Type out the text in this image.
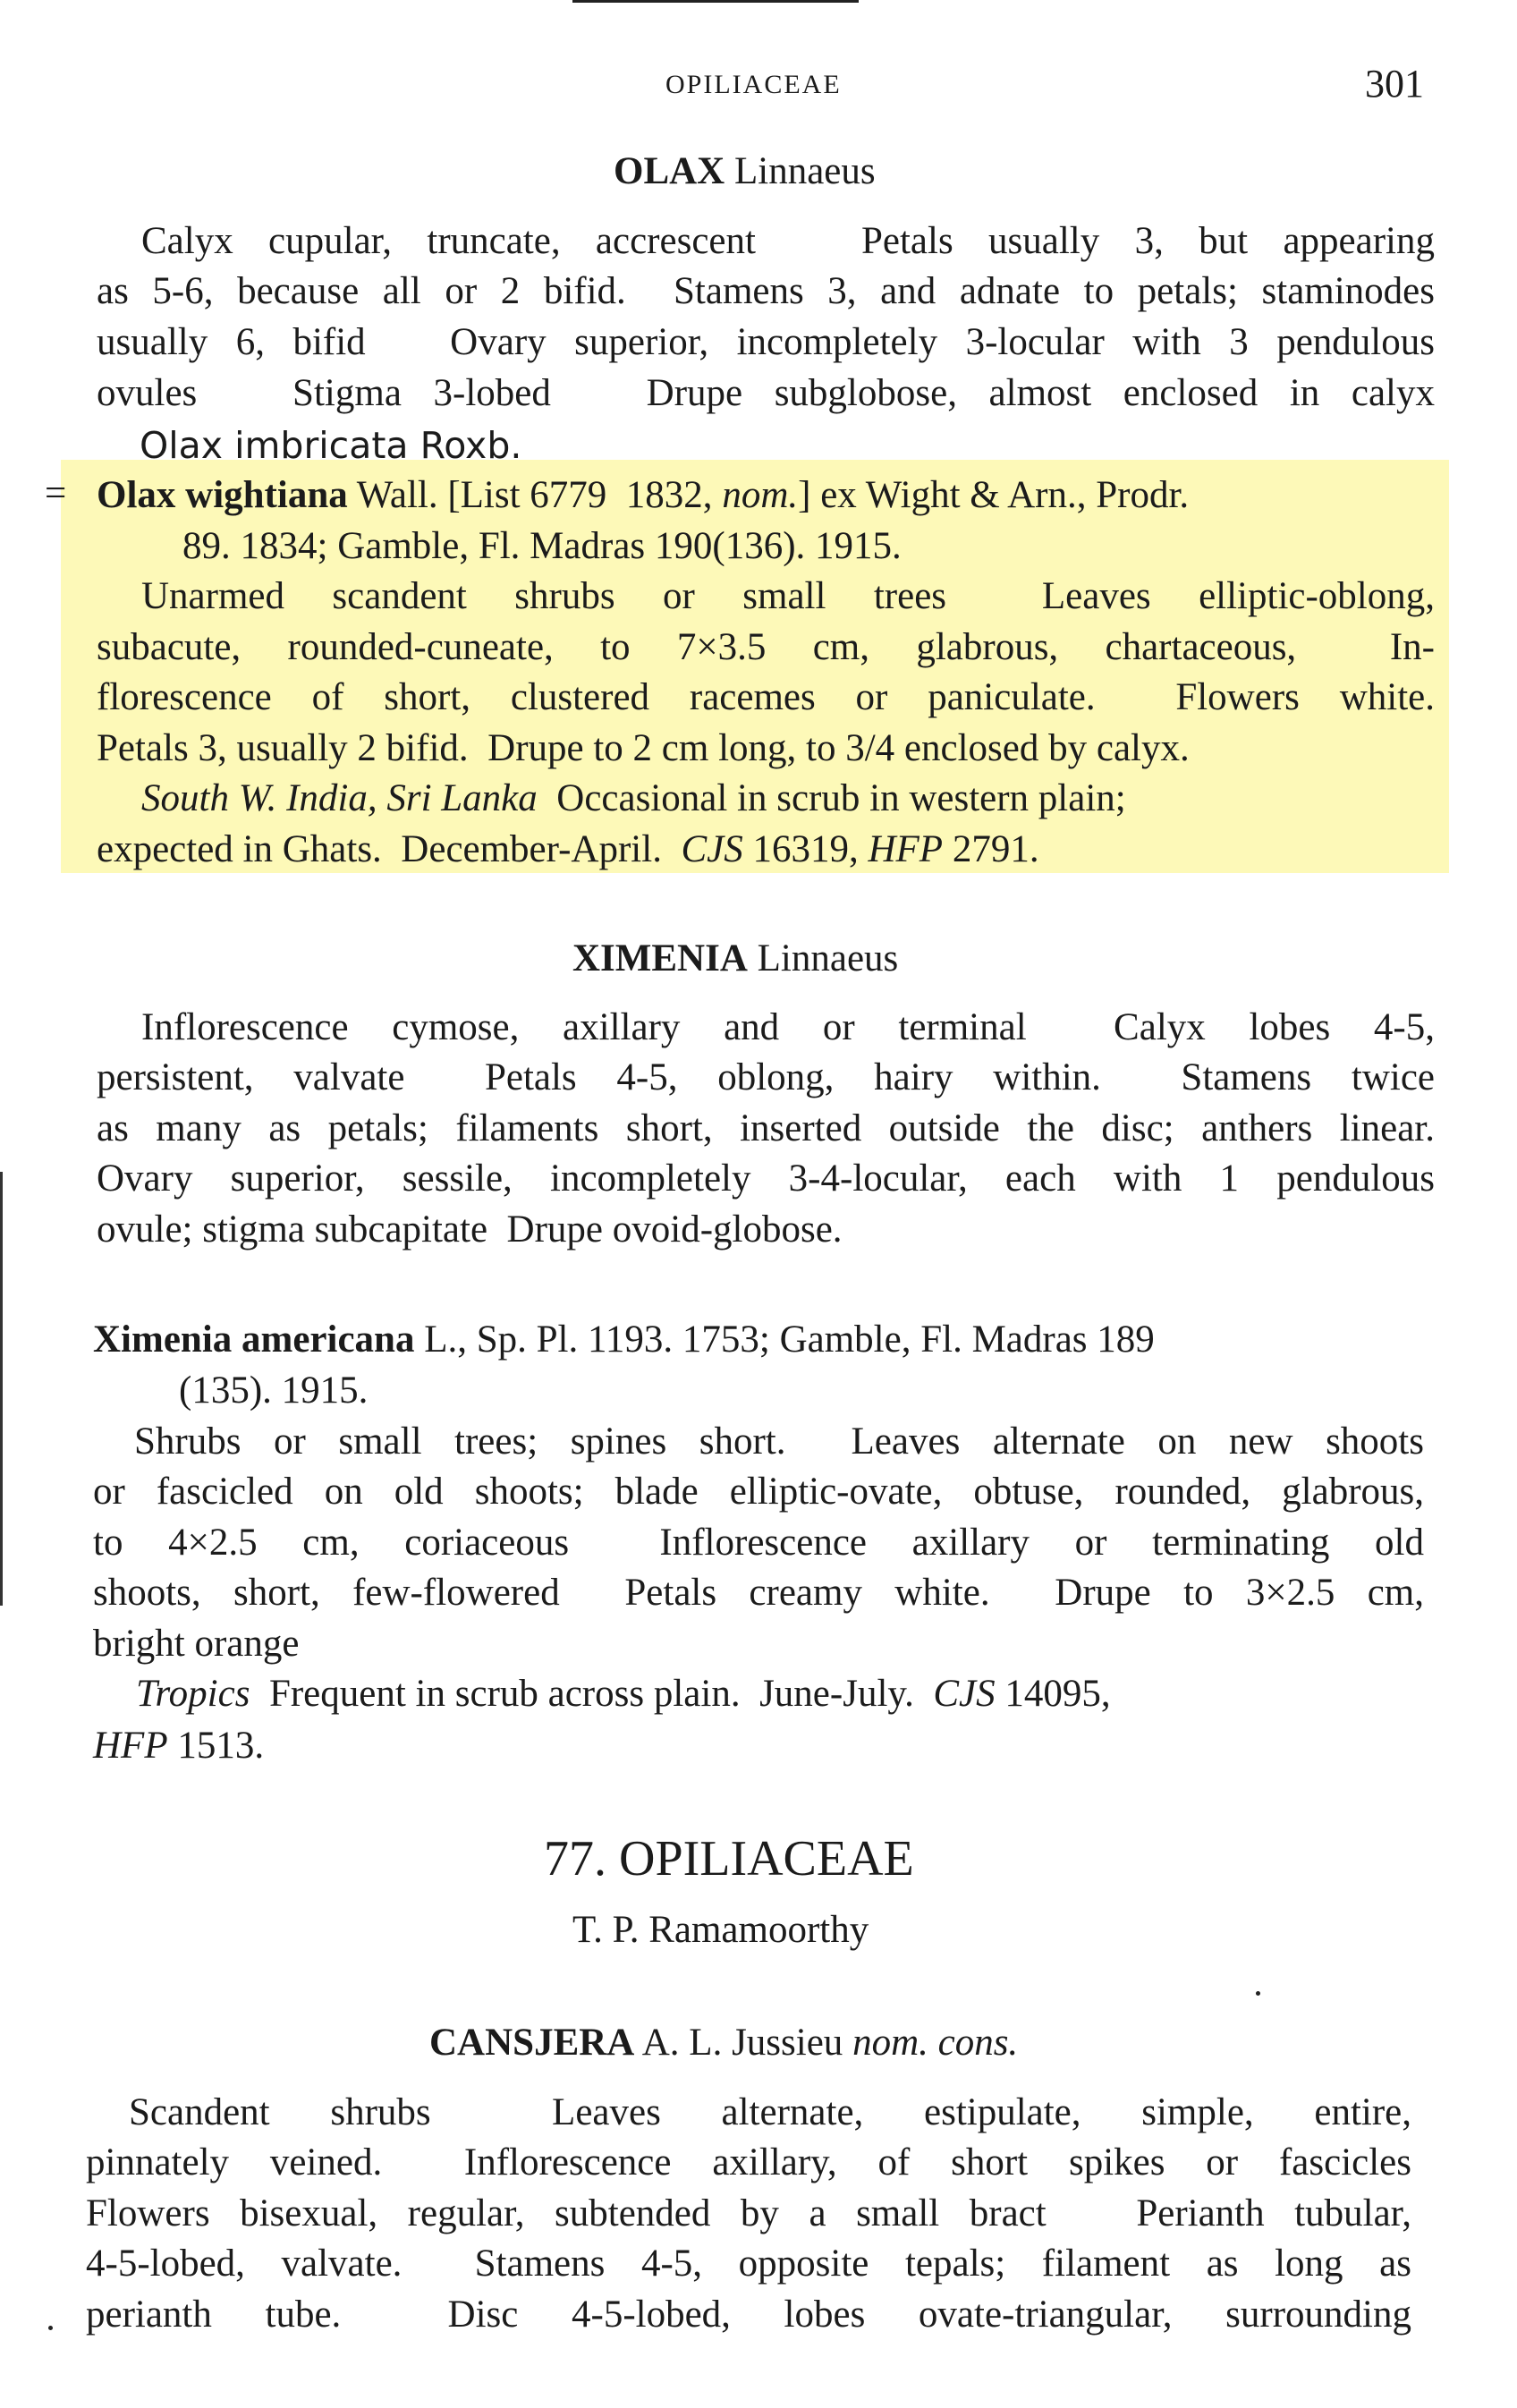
OPILIACEAE	301
OLAX Linnaeus
Calyx cupular, truncate, accrescent   Petals usually 3, but appearing
as 5-6, because all or 2 bifid.  Stamens 3, and adnate to petals; staminodes
usually 6, bifid   Ovary superior, incompletely 3-locular with 3 pendulous
ovules   Stigma 3-lobed   Drupe subglobose, almost enclosed in calyx
Olax imbricata Roxb.
= Olax wightiana Wall. [List 6779  1832, nom.] ex Wight & Arn., Prodr.
89. 1834; Gamble, Fl. Madras 190(136). 1915.
Unarmed scandent shrubs or small trees  Leaves elliptic-oblong,
subacute, rounded-cuneate, to 7×3.5 cm, glabrous, chartaceous,  In-
florescence of short, clustered racemes or paniculate.  Flowers white.
Petals 3, usually 2 bifid.  Drupe to 2 cm long, to 3/4 enclosed by calyx.
South W. India, Sri Lanka  Occasional in scrub in western plain;
expected in Ghats.  December-April.  CJS 16319, HFP 2791.
XIMENIA Linnaeus
Inflorescence cymose, axillary and or terminal  Calyx lobes 4-5,
persistent, valvate  Petals 4-5, oblong, hairy within.  Stamens twice
as many as petals; filaments short, inserted outside the disc; anthers linear.
Ovary superior, sessile, incompletely 3-4-locular, each with 1 pendulous
ovule; stigma subcapitate  Drupe ovoid-globose.
Ximenia americana L., Sp. Pl. 1193. 1753; Gamble, Fl. Madras 189
(135). 1915.
Shrubs or small trees; spines short.  Leaves alternate on new shoots
or fascicled on old shoots; blade elliptic-ovate, obtuse, rounded, glabrous,
to 4×2.5 cm, coriaceous  Inflorescence axillary or terminating old
shoots, short, few-flowered  Petals creamy white.  Drupe to 3×2.5 cm,
bright orange
Tropics  Frequent in scrub across plain.  June-July.  CJS 14095,
HFP 1513.
77. OPILIACEAE
T. P. Ramamoorthy
CANSJERA A. L. Jussieu nom. cons.
Scandent shrubs  Leaves alternate, estipulate, simple, entire,
pinnately veined.  Inflorescence axillary, of short spikes or fascicles
Flowers bisexual, regular, subtended by a small bract   Perianth tubular,
4-5-lobed, valvate.  Stamens 4-5, opposite tepals; filament as long as
perianth tube.  Disc 4-5-lobed, lobes ovate-triangular, surrounding
